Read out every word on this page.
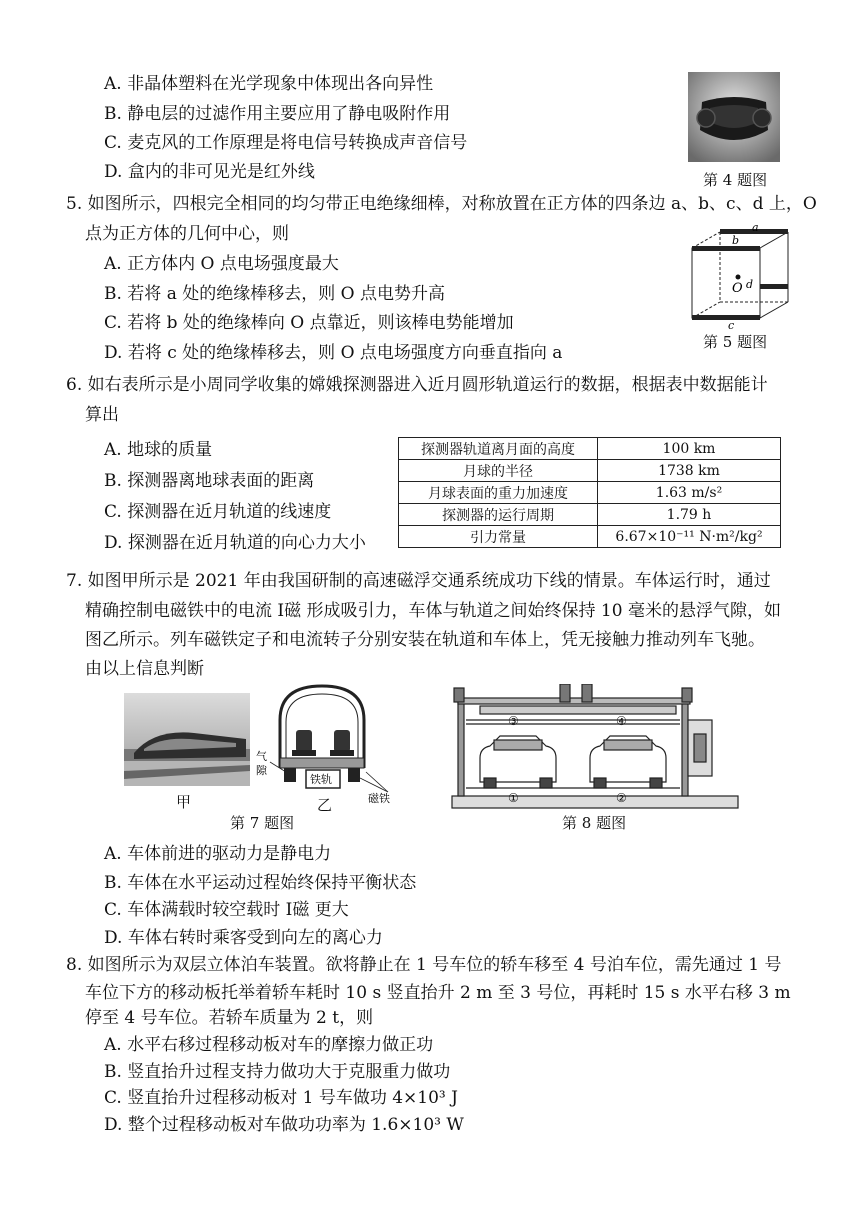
A. 非晶体塑料在光学现象中体现出各向异性
B. 静电层的过滤作用主要应用了静电吸附作用
C. 麦克风的工作原理是将电信号转换成声音信号
D. 盒内的非可见光是红外线	第 4 题图
5. 如图所示，四根完全相同的均匀带正电绝缘细棒，对称放置在正方体的四条边 a、b、c、d 上，O
点为正方体的几何中心，则
A. 正方体内 O 点电场强度最大
B. 若将 a 处的绝缘棒移去，则 O 点电势升高
C. 若将 b 处的绝缘棒向 O 点靠近，则该棒电势能增加
D. 若将 c 处的绝缘棒移去，则 O 点电场强度方向垂直指向 a
a
b
c
d
O
第 5 题图
6. 如右表所示是小周同学收集的嫦娥探测器进入近月圆形轨道运行的数据，根据表中数据能计
算出
A. 地球的质量
B. 探测器离地球表面的距离
C. 探测器在近月轨道的线速度
D. 探测器在近月轨道的向心力大小
探测器轨道离月面的高度	100 km
月球的半径	1738 km
月球表面的重力加速度	1.63 m/s²
探测器的运行周期	1.79 h
引力常量	6.67×10⁻¹¹ N·m²/kg²
7. 如图甲所示是 2021 年由我国研制的高速磁浮交通系统成功下线的情景。车体运行时，通过
精确控制电磁铁中的电流 I磁 形成吸引力，车体与轨道之间始终保持 10 毫米的悬浮气隙，如
图乙所示。列车磁铁定子和电流转子分别安装在轨道和车体上，凭无接触力推动列车飞驰。
由以上信息判断
甲
铁轨
气
隙
磁铁
乙
第 7 题图
①	②
③	④
第 8 题图
A. 车体前进的驱动力是静电力
B. 车体在水平运动过程始终保持平衡状态
C. 车体满载时较空载时 I磁 更大
D. 车体右转时乘客受到向左的离心力
8. 如图所示为双层立体泊车装置。欲将静止在 1 号车位的轿车移至 4 号泊车位，需先通过 1 号
车位下方的移动板托举着轿车耗时 10 s 竖直抬升 2 m 至 3 号位，再耗时 15 s 水平右移 3 m
停至 4 号车位。若轿车质量为 2 t，则
A. 水平右移过程移动板对车的摩擦力做正功
B. 竖直抬升过程支持力做功大于克服重力做功
C. 竖直抬升过程移动板对 1 号车做功 4×10³ J
D. 整个过程移动板对车做功功率为 1.6×10³ W
